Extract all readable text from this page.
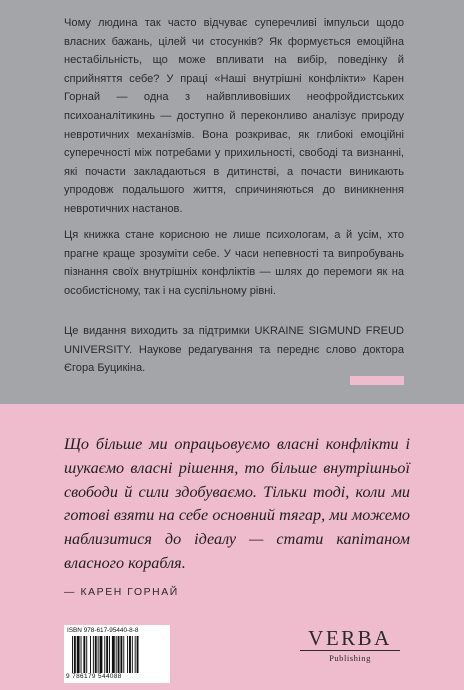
Чому людина так часто відчуває суперечливі імпульси щодо власних бажань, цілей чи стосунків? Як формується емоційна нестабільність, що може впливати на вибір, поведінку й сприйняття себе? У праці «Наші внутрішні конфлікти» Карен Горнай — одна з найвпливовіших неофройдистських психоаналітикинь — доступно й переконливо аналізує природу невротичних механізмів. Вона розкриває, як глибокі емоційні суперечності між потребами у прихильності, свободі та визнанні, які почасти закладаються в дитинстві, а почасти виникають упродовж подальшого життя, спричиняються до виникнення невротичних настанов.

Ця книжка стане корисною не лише психологам, а й усім, хто прагне краще зрозуміти себе. У часи непевності та випробувань пізнання своїх внутрішніх конфліктів — шлях до перемоги як на особистісному, так і на суспільному рівні.

Це видання виходить за підтримки UKRAINE SIGMUND FREUD UNIVERSITY. Наукове редагування та переднє слово доктора Єгора Буцикіна.

Що більше ми опрацьовуємо власні конфлікти і шукаємо власні рішення, то більше внутрішньої свободи й сили здобуваємо. Тільки тоді, коли ми готові взяти на себе основний тягар, ми можемо наблизитися до ідеалу — стати капітаном власного корабля.

— КАРЕН ГОРНАЙ
ISBN 978-617-95440-8-8
9 786179 544088
VERBA
Publishing
